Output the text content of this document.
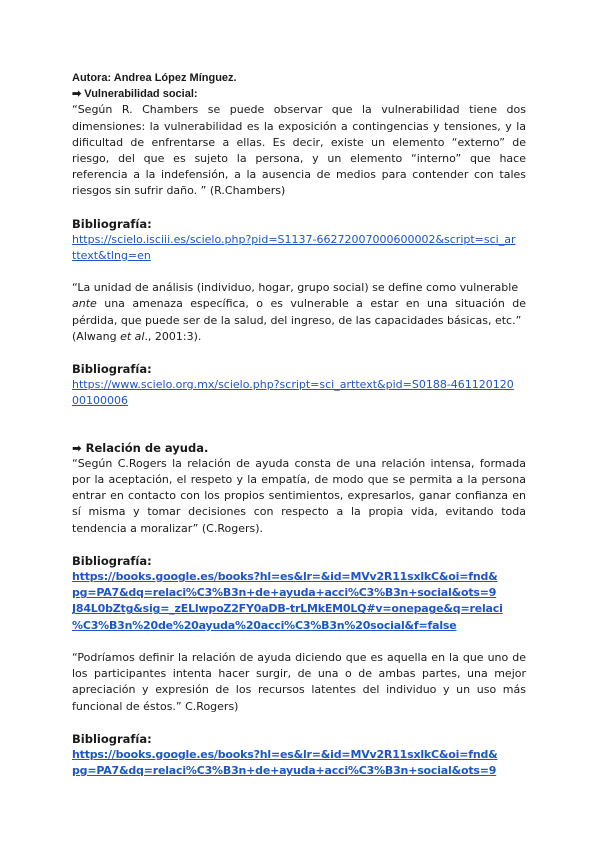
Autora: Andrea López Mínguez.
➡ Vulnerabilidad social:
“Según R. Chambers se puede observar que la vulnerabilidad tiene dos
dimensiones: la vulnerabilidad es la exposición a contingencias y tensiones, y la
dificultad de enfrentarse a ellas. Es decir, existe un elemento “externo” de
riesgo, del que es sujeto la persona, y un elemento “interno” que hace
referencia a la indefensión, a la ausencia de medios para contender con tales
riesgos sin sufrir daño. ” (R.Chambers)
Bibliografía:
https://scielo.isciii.es/scielo.php?pid=S1137-66272007000600002&script=sci_ar
ttext&tlng=en
“La unidad de análisis (individuo, hogar, grupo social) se define como vulnerable
ante una amenaza específica, o es vulnerable a estar en una situación de
pérdida, que puede ser de la salud, del ingreso, de las capacidades básicas, etc.”
(Alwang et al., 2001:3).
Bibliografía:
https://www.scielo.org.mx/scielo.php?script=sci_arttext&pid=S0188-461120120
00100006
➡ Relación de ayuda.
“Según C.Rogers la relación de ayuda consta de una relación intensa, formada
por la aceptación, el respeto y la empatía, de modo que se permita a la persona
entrar en contacto con los propios sentimientos, expresarlos, ganar confianza en
sí misma y tomar decisiones con respecto a la propia vida, evitando toda
tendencia a moralizar” (C.Rogers).
Bibliografía:
https://books.google.es/books?hl=es&lr=&id=MVv2R11sxlkC&oi=fnd&
pg=PA7&dq=relaci%C3%B3n+de+ayuda+acci%C3%B3n+social&ots=9
J84L0bZtg&sig=_zELlwpoZ2FY0aDB-trLMkEM0LQ#v=onepage&q=relaci
%C3%B3n%20de%20ayuda%20acci%C3%B3n%20social&f=false
“Podríamos definir la relación de ayuda diciendo que es aquella en la que uno de
los participantes intenta hacer surgir, de una o de ambas partes, una mejor
apreciación y expresión de los recursos latentes del individuo y un uso más
funcional de éstos.” C.Rogers)
Bibliografía:
https://books.google.es/books?hl=es&lr=&id=MVv2R11sxlkC&oi=fnd&
pg=PA7&dq=relaci%C3%B3n+de+ayuda+acci%C3%B3n+social&ots=9
